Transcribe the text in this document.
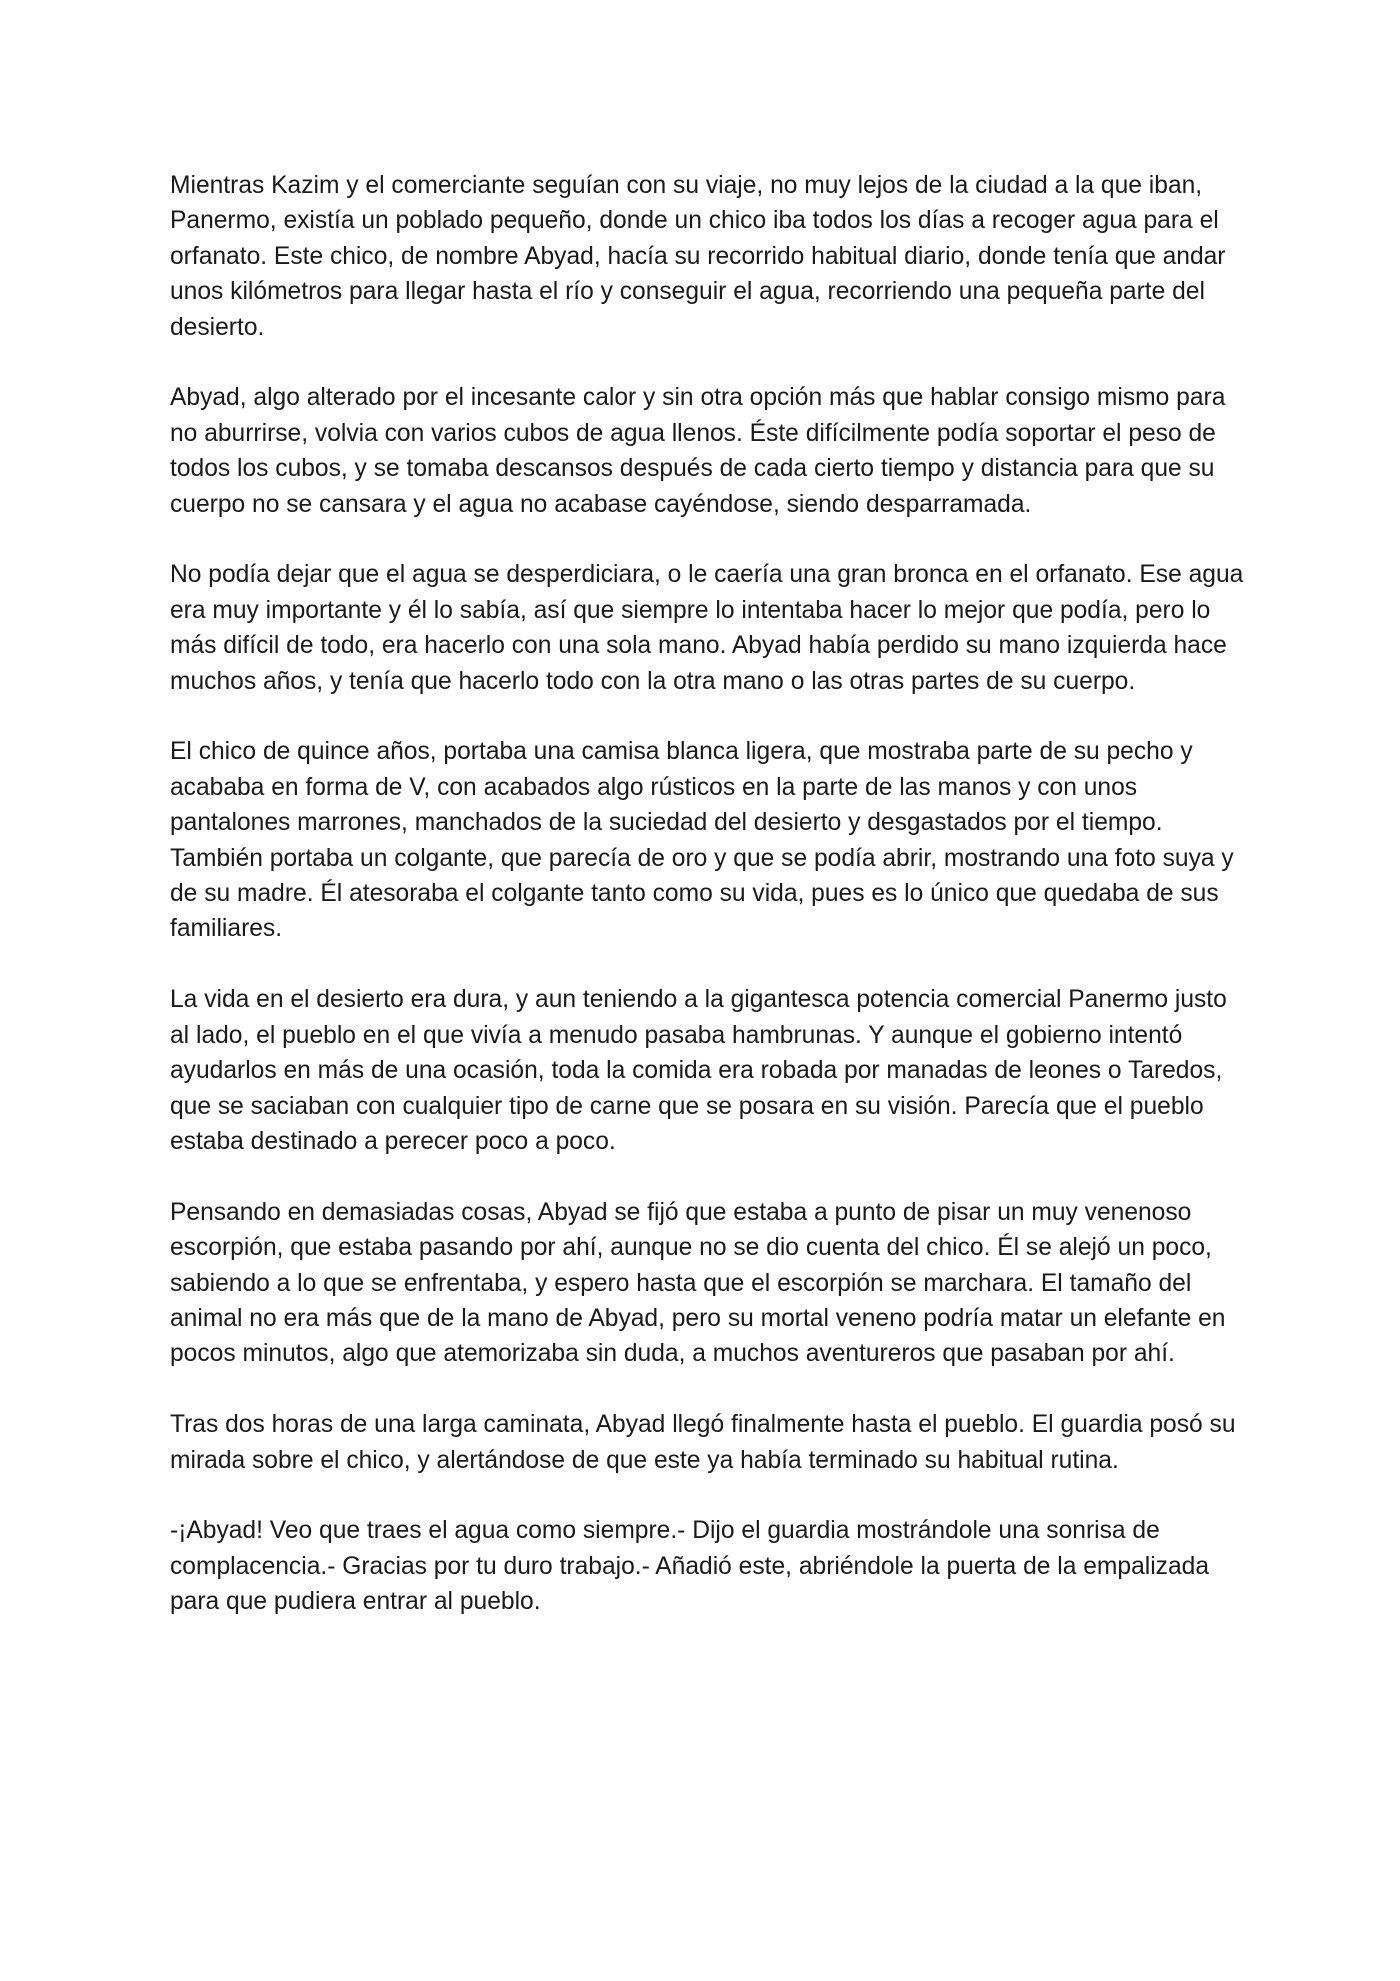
Mientras Kazim y el comerciante seguían con su viaje, no muy lejos de la ciudad a la que iban, Panermo, existía un poblado pequeño, donde un chico iba todos los días a recoger agua para el orfanato. Este chico, de nombre Abyad, hacía su recorrido habitual diario, donde tenía que andar unos kilómetros para llegar hasta el río y conseguir el agua, recorriendo una pequeña parte del desierto.

Abyad, algo alterado por el incesante calor y sin otra opción más que hablar consigo mismo para no aburrirse, volvia con varios cubos de agua llenos. Éste difícilmente podía soportar el peso de todos los cubos, y se tomaba descansos después de cada cierto tiempo y distancia para que su cuerpo no se cansara y el agua no acabase cayéndose, siendo desparramada.

No podía dejar que el agua se desperdiciara, o le caería una gran bronca en el orfanato. Ese agua era muy importante y él lo sabía, así que siempre lo intentaba hacer lo mejor que podía, pero lo más difícil de todo, era hacerlo con una sola mano. Abyad había perdido su mano izquierda hace muchos años, y tenía que hacerlo todo con la otra mano o las otras partes de su cuerpo.

El chico de quince años, portaba una camisa blanca ligera, que mostraba parte de su pecho y acababa en forma de V, con acabados algo rústicos en la parte de las manos y con unos pantalones marrones, manchados de la suciedad del desierto y desgastados por el tiempo. También portaba un colgante, que parecía de oro y que se podía abrir, mostrando una foto suya y de su madre. Él atesoraba el colgante tanto como su vida, pues es lo único que quedaba de sus familiares.

La vida en el desierto era dura, y aun teniendo a la gigantesca potencia comercial Panermo justo al lado, el pueblo en el que vivía a menudo pasaba hambrunas. Y aunque el gobierno intentó ayudarlos en más de una ocasión, toda la comida era robada por manadas de leones o Taredos, que se saciaban con cualquier tipo de carne que se posara en su visión. Parecía que el pueblo estaba destinado a perecer poco a poco.

Pensando en demasiadas cosas, Abyad se fijó que estaba a punto de pisar un muy venenoso escorpión, que estaba pasando por ahí, aunque no se dio cuenta del chico. Él se alejó un poco, sabiendo a lo que se enfrentaba, y espero hasta que el escorpión se marchara. El tamaño del animal no era más que de la mano de Abyad, pero su mortal veneno podría matar un elefante en pocos minutos, algo que atemorizaba sin duda, a muchos aventureros que pasaban por ahí.

Tras dos horas de una larga caminata, Abyad llegó finalmente hasta el pueblo. El guardia posó su mirada sobre el chico, y alertándose de que este ya había terminado su habitual rutina.

-¡Abyad! Veo que traes el agua como siempre.- Dijo el guardia mostrándole una sonrisa de complacencia.- Gracias por tu duro trabajo.- Añadió este, abriéndole la puerta de la empalizada para que pudiera entrar al pueblo.
